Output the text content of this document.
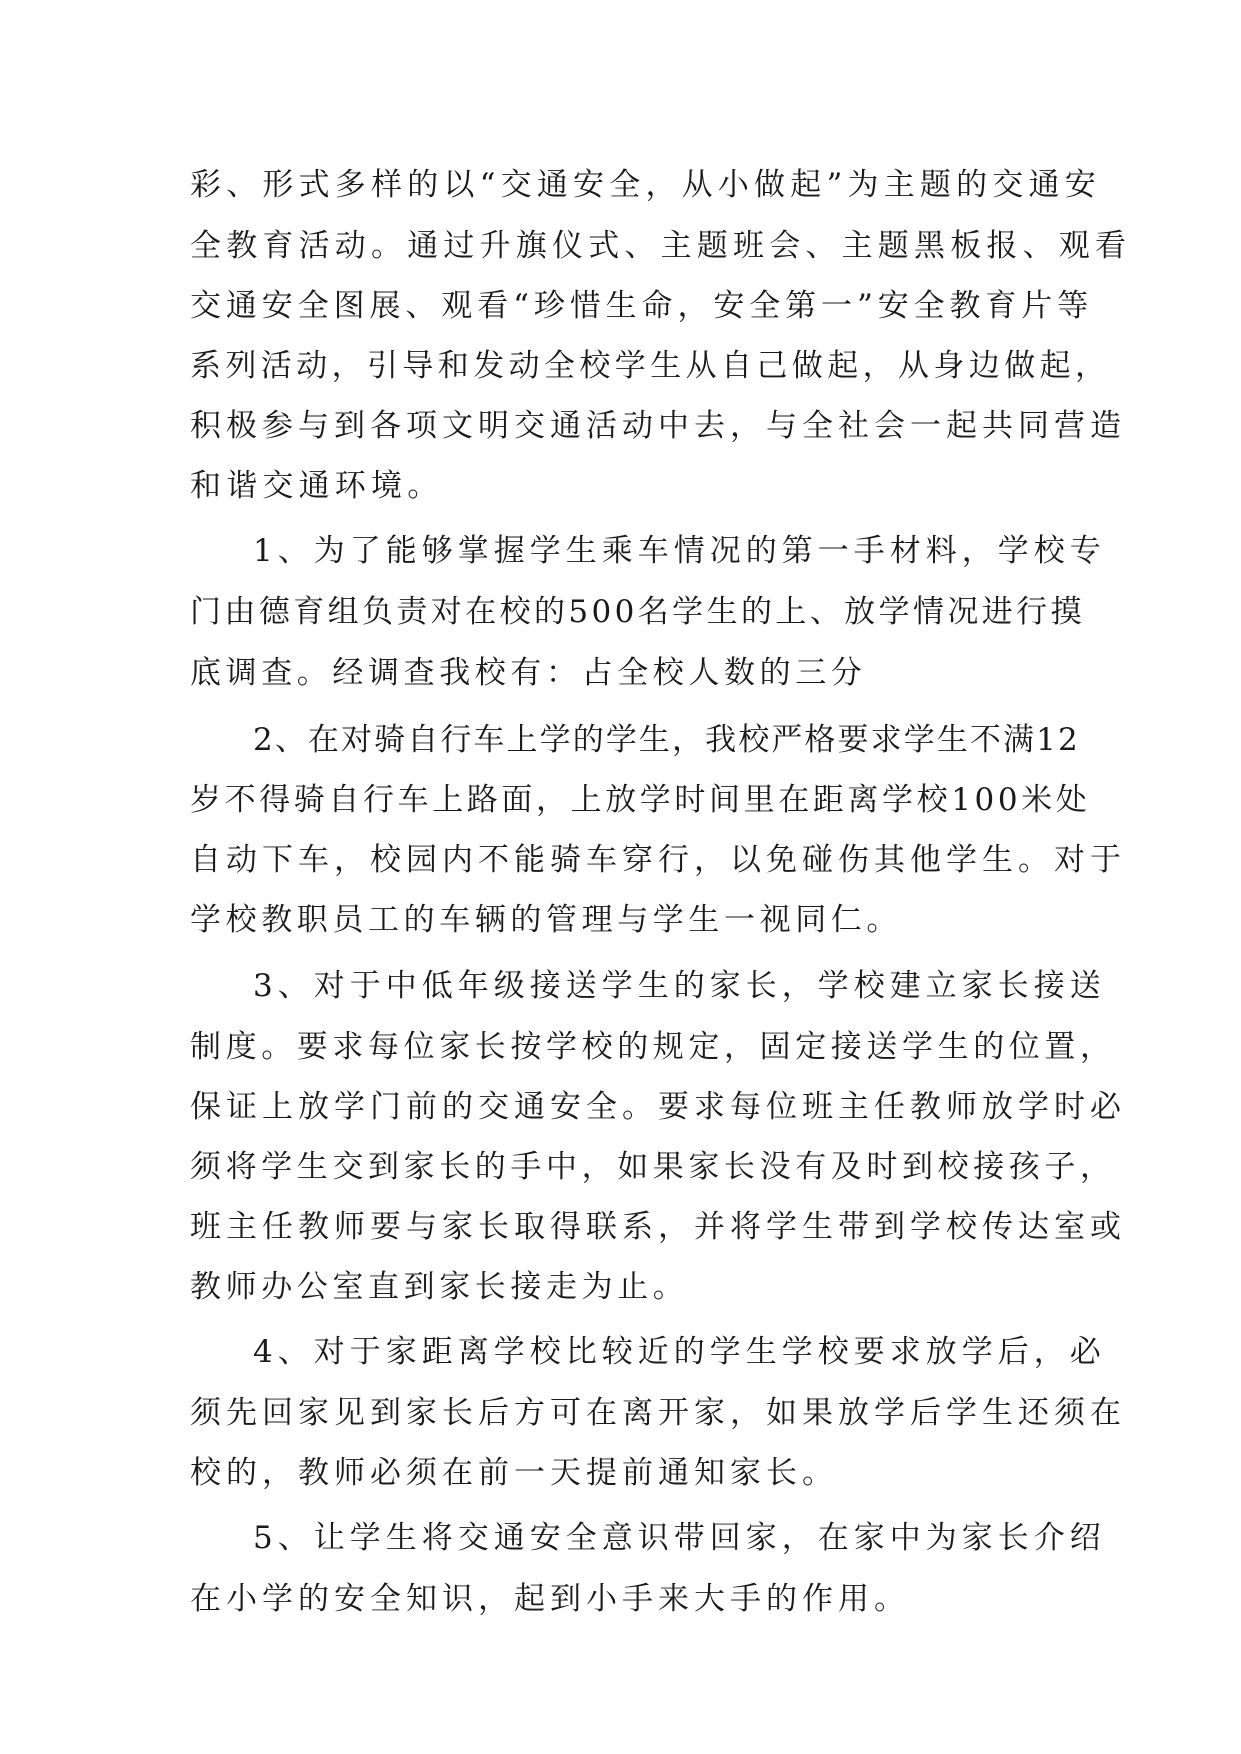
彩、形式多样的以“交通安全，从小做起”为主题的交通安
全教育活动。通过升旗仪式、主题班会、主题黑板报、观看
交通安全图展、观看“珍惜生命，安全第一”安全教育片等
系列活动，引导和发动全校学生从自己做起，从身边做起，
积极参与到各项文明交通活动中去，与全社会一起共同营造
和谐交通环境。
1、为了能够掌握学生乘车情况的第一手材料，学校专
门由德育组负责对在校的500名学生的上、放学情况进行摸
底调查。经调查我校有：占全校人数的三分
2、在对骑自行车上学的学生，我校严格要求学生不满12
岁不得骑自行车上路面，上放学时间里在距离学校100米处
自动下车，校园内不能骑车穿行，以免碰伤其他学生。对于
学校教职员工的车辆的管理与学生一视同仁。
3、对于中低年级接送学生的家长，学校建立家长接送
制度。要求每位家长按学校的规定，固定接送学生的位置，
保证上放学门前的交通安全。要求每位班主任教师放学时必
须将学生交到家长的手中，如果家长没有及时到校接孩子，
班主任教师要与家长取得联系，并将学生带到学校传达室或
教师办公室直到家长接走为止。
4、对于家距离学校比较近的学生学校要求放学后，必
须先回家见到家长后方可在离开家，如果放学后学生还须在
校的，教师必须在前一天提前通知家长。
5、让学生将交通安全意识带回家，在家中为家长介绍
在小学的安全知识，起到小手来大手的作用。
